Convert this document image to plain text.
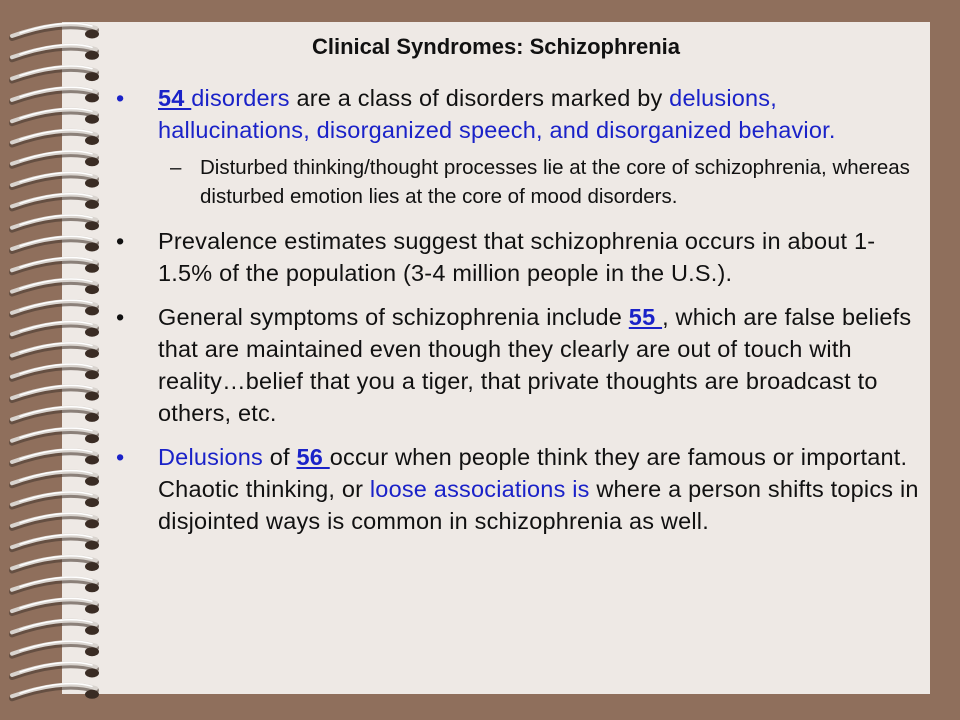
Clinical Syndromes: Schizophrenia

• 54 disorders are a class of disorders marked by delusions, hallucinations, disorganized speech, and disorganized behavior.

– Disturbed thinking/thought processes lie at the core of schizophrenia, whereas disturbed emotion lies at the core of mood disorders.

• Prevalence estimates suggest that schizophrenia occurs in about 1-1.5% of the population (3-4 million people in the U.S.).

• General symptoms of schizophrenia include 55 , which are false beliefs that are maintained even though they clearly are out of touch with reality…belief that you a tiger, that private thoughts are broadcast to others, etc.

• Delusions of 56 occur when people think they are famous or important. Chaotic thinking, or loose associations is where a person shifts topics in disjointed ways is common in schizophrenia as well.
